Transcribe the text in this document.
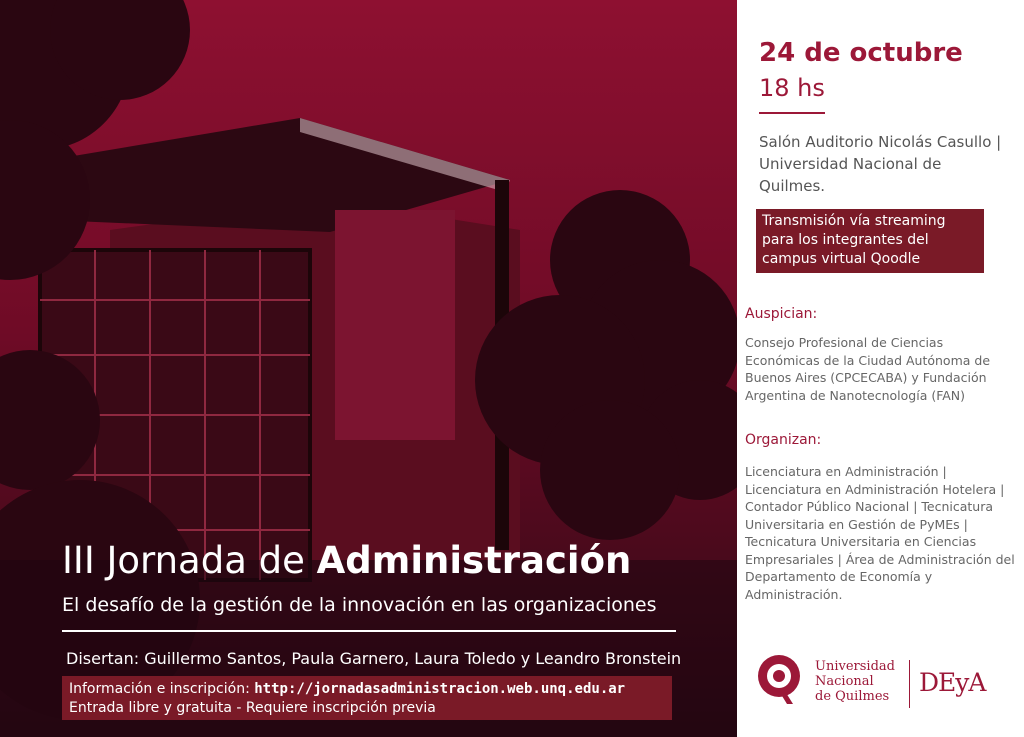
III Jornada de Administración
El desafío de la gestión de la innovación en las organizaciones
Disertan: Guillermo Santos, Paula Garnero, Laura Toledo y Leandro Bronstein
Información e inscripción: http://jornadasadministracion.web.unq.edu.ar
Entrada libre y gratuita - Requiere inscripción previa
24 de octubre
18 hs
Salón Auditorio Nicolás Casullo | Universidad Nacional de Quilmes.
Transmisión vía streaming para los integrantes del campus virtual Qoodle
Auspician:
Consejo Profesional de Ciencias Económicas de la Ciudad Autónoma de Buenos Aires (CPCECABA) y Fundación Argentina de Nanotecnología (FAN)
Organizan:
Licenciatura en Administración | Licenciatura en Administración Hotelera | Contador Público Nacional | Tecnicatura Universitaria en Gestión de PyMEs | Tecnicatura Universitaria en Ciencias Empresariales | Área de Administración del Departamento de Economía y Administración.
Universidad
Nacional
de Quilmes DEyA
